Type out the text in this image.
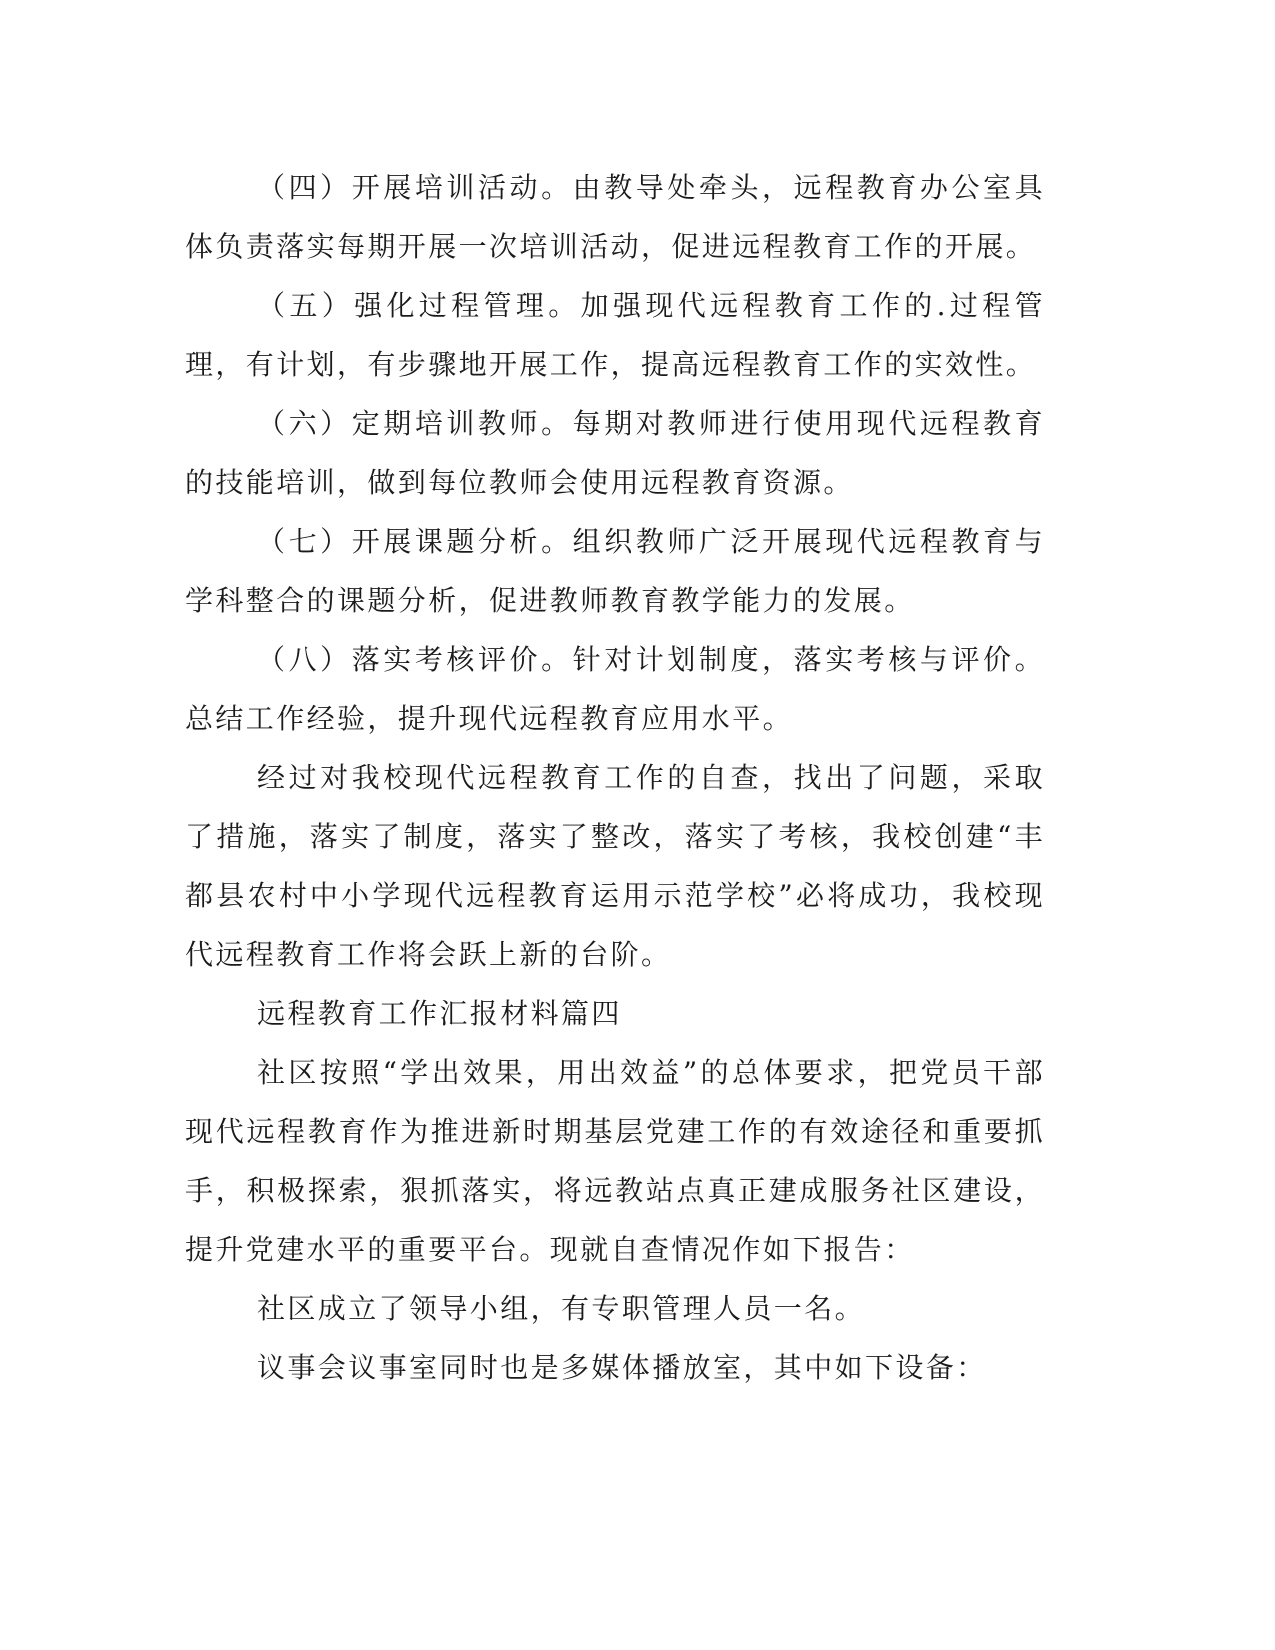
（四）开展培训活动。由教导处牵头，远程教育办公室具体负责落实每期开展一次培训活动，促进远程教育工作的开展。

（五）强化过程管理。加强现代远程教育工作的.过程管理，有计划，有步骤地开展工作，提高远程教育工作的实效性。

（六）定期培训教师。每期对教师进行使用现代远程教育的技能培训，做到每位教师会使用远程教育资源。

（七）开展课题分析。组织教师广泛开展现代远程教育与学科整合的课题分析，促进教师教育教学能力的发展。

（八）落实考核评价。针对计划制度，落实考核与评价。总结工作经验，提升现代远程教育应用水平。

经过对我校现代远程教育工作的自查，找出了问题，采取了措施，落实了制度，落实了整改，落实了考核，我校创建“丰都县农村中小学现代远程教育运用示范学校”必将成功，我校现代远程教育工作将会跃上新的台阶。

远程教育工作汇报材料篇四

社区按照“学出效果，用出效益”的总体要求，把党员干部现代远程教育作为推进新时期基层党建工作的有效途径和重要抓手，积极探索，狠抓落实，将远教站点真正建成服务社区建设，提升党建水平的重要平台。现就自查情况作如下报告：

社区成立了领导小组，有专职管理人员一名。

议事会议事室同时也是多媒体播放室，其中如下设备：
